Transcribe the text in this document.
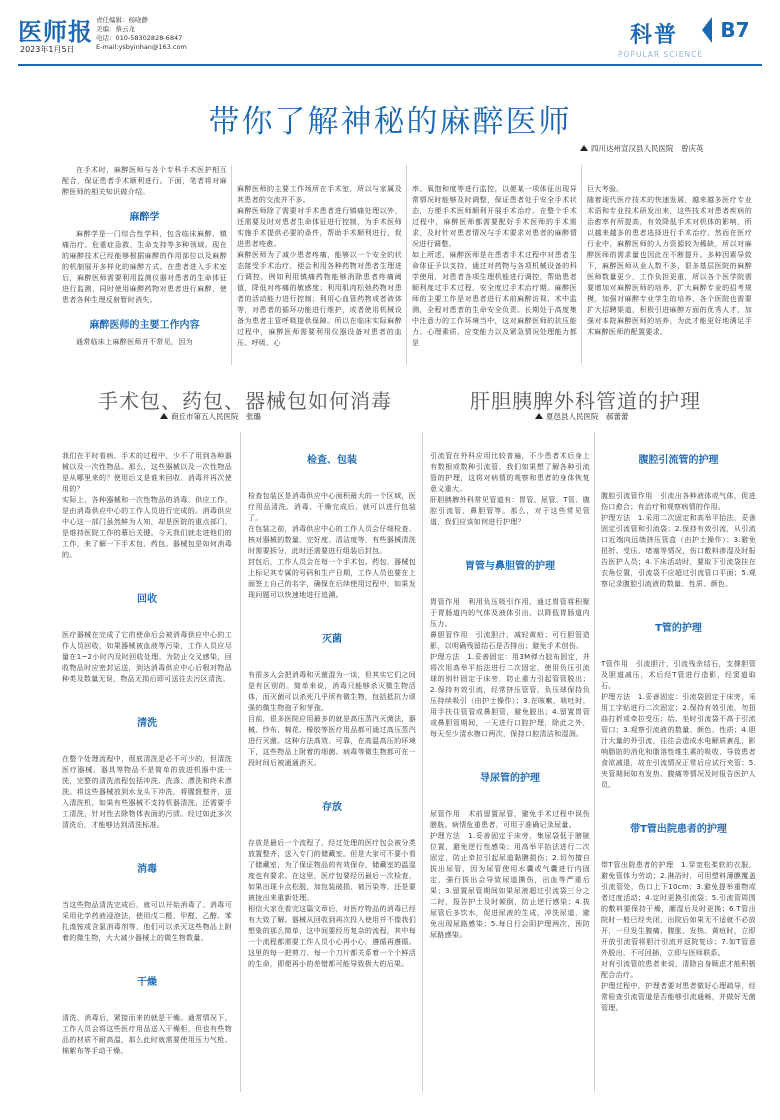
医师报
2023年1月5日
责任编辑：杨晓静
美编：蔡云龙
电话：010-58302828-6847
E-mail:ysbyinhan@163.com	科普
POPULAR SCIENCE
B7
带你了解神秘的麻醉医师
四川达州宣汉县人民医院　曾庆英

在手术时，麻醉医师与各个专科手术医护相互配合，保证患者手术顺利进行。下面，笔者将对麻醉医师的相关知识做介绍。

麻醉学

麻醉学是一门综合性学科，包含临床麻醉、镇痛治疗、危重症急救、生命支持等多种领域。现在的麻醉技术已经能够根据麻醉的作用部位以及麻醉的机制展开多样化的麻醉方式。在患者进入手术室后，麻醉医师需要利用监测仪器对患者的生命体征进行监测，同时使用麻醉药物对患者进行麻醉，使患者各种生理反射暂时消失。

麻醉医师的主要工作内容

通常临床上麻醉医师并不常见，因为

麻醉医师的主要工作场所在手术室，所以与家属及其患者的交流并不多。
麻醉医师除了需要对手术患者进行镇痛处理以外，还需要及时对患者生命体征进行控制，为手术医师实施手术提供必要的条件，帮助手术顺利进行，促进患者痊愈。
麻醉医师为了减少患者疼痛，能够以一个安全的状态接受手术治疗，便会利用各种药物对患者生理进行调控，例如利用镇痛药物能够消除患者疼痛阈值，降低对疼痛的敏感度；利用肌肉松弛药物对患者的活动能力进行控制；利用心血管药物或者液体等，对患者的循环功能进行维护，或者使用机械设备为患者主管呼吸提供保障。所以在临床实际麻醉过程中，麻醉医师需要利用仪器设备对患者的血压、呼吸、心

率、氧饱和度等进行监控，以便某一项体征出现异常情况时能够及时调整，保证患者处于安全手术状态，方便手术医师顺利开展手术治疗。在整个手术过程中，麻醉医师都需要配好手术医师的手术需求，及时针对患者情况与手术要求对患者的麻醉情况进行调整。
如上所述，麻醉医师是在患者手术过程中对患者生命体征予以支持，通过对药物与各项机械设备的科学使用，对患者各项生理机能进行调控，帮助患者顺利度过手术过程，安全度过手术治疗期。麻醉医师的主要工作是对患者进行术前麻醉访视、术中监测，全程对患者的生命安全负责。长期处于高度集中注意力的工作环境当中，这对麻醉医师的抗压能力、心理素质、应变能力以及紧急情况处理能力都是

巨大考验。
随着现代医疗技术的快速发展，越来越多医疗专业术语和专业技术研发出来，这些技术对患者疾病的治愈率有所提高，有效降低手术对机体的影响，所以越来越多的患者选择进行手术治疗。然而在医疗行业中，麻醉医师的人力资源较为稀缺，所以对麻醉医师的需求量也因此在不断提升。多种因素导致下，麻醉医师从业人数不多，很多基层医院的麻醉医师数量更少，工作负担更重，所以各个医学院需要增加对麻醉医师的培养，扩大麻醉专业的招考规模，加强对麻醉专业学生的培养，各个医院也需要扩大招聘渠道，积极引进麻醉方面的优秀人才，加强对本院麻醉医师的培养，为此才能更好地满足手术麻醉医师的配置要求。

手术包、药包、器械包如何消毒
商丘市第五人民医院　张璐

我们在平时看病、手术的过程中，少不了用到各种器械以及一次性物品。那么，这些器械以及一次性物品是从哪里来的？使用后又是谁来回收、消毒并再次使用的？
实际上，各种器械和一次性物品的消毒、供应工作，是由消毒供应中心的工作人员进行完成的。消毒供应中心这一部门虽然鲜为人知，却是医院的重点部门，是维持医院工作的幕后关键。今天我们就走进他们的工作，来了解一下手术包、药包、器械包是如何消毒的。

回收

医疗器械在完成了它的使命后会被消毒供应中心的工作人员回收，如果器械被血液等污染，工作人员应尽量在1~2小时内及时回收处理。为防止交叉感染，回收物品时应密封运送，到达消毒供应中心后根对物品种类及数量无误，物品无损后即可送往去污区清洗。

清洗

在整个处理流程中，彻底清洗是必不可少的，但清洗医疗器械、器具等物品不是简单的放进机器中洗一洗，完整的清洗流程包括冲洗、洗涤、漂洗和终末漂洗。将这些器械放到水龙头下冲洗，将腥鼓整齐，送入清洗机，如果有些器械不支持机器清洗，还需要手工清洗，针对性去除物体表面的污渍。经过如此多次清洗后，才能够达到清洗标准。

消毒

当这些物品清洗完成后，就可以开始消毒了。消毒可采用化学药液浸泡法，使用戊二醛、甲醛、乙醇、苯扎溴铵或含氯消毒剂等，他们可以杀灭这些物品上附着的微生物，大大减少器械上的微生物数量。

干燥

清洗、消毒后，紧接而来的就是干燥。通常情况下，工作人员会将这些医疗用品送入干燥柜，但也有些物品的材质不耐高温，那么此时就需要使用压力气枪、棉絮布等手动干燥。

检查、包装

检查包装区是消毒供应中心面积最大的一个区域，医疗用品清洗、消毒、干燥完成后，就可以进行包装了。
在包装之前，消毒供应中心的工作人员会仔细检查、核对器械的数量、完好度、清洁度等，有些器械清洗时需要拆分，此时还需要进行组装后封包。
封包后，工作人员会在每一个手术包、药包、器械包上标记其专属的号码和生产日期，工作人员也要在上面签上自己的名字，确保在后续使用过程中，如果发现问题可以快速地进行追溯。

灭菌

有很多人会把消毒和灭菌混为一谈，但其实它们之间是有区别的。简单来说，消毒只能够杀灭微生物活体，而灭菌可以杀死几乎所有微生物，包括抵抗力顽强的微生物孢子和芽孢。
目前，很多医院应用最多的就是高压蒸汽灭菌法，器械、纱布、棉花、橡胶等医疗用品都可通过高压蒸汽进行灭菌。这种方法高效、可靠，在高温高压的环境下，这些物品上附着的细菌、病毒等微生物都可在一段时间后被通通消灭。

存放

存放是最后一个流程了，经过处理的医疗包会被分类放置整齐，送入专门的储藏室。但是大家可不要小看了储藏室，为了保证物品的有效保存，储藏室的温湿度也有要求。在这里，医疗包要经历最后一次检查，如果出现卡点松脱、加包装破损、被污染等，还是要被拢出来重新处理。
相信大家在看完这篇文章后，对医疗物品的消毒已经有大致了解。器械从回收到再次投入使用并不像我们想象的那么简单，这中间要经历复杂的流程，其中每一个流程都需要工作人员小心再小心，遵循再遵循。
这里的每一把剪刀、每一个刀片都关系着一个个鲜活的生命，即便再小的差错都可能导致极大的后果。

肝胆胰脾外科管道的护理
夏邑县人民医院　郝蕾蕾

引流管在外科应用比较普遍，不少患者术后身上有数根或数种引流管，我们如果想了解各种引流管的护理，这将对病情的观察和患者的身体恢复意义重大。
肝胆胰脾外科常见管道有：胃管、尿管、T管、腹腔引流管、鼻胆管等。那么，对于这些常见管道，我们应该如何进行护理？

胃管与鼻胆管的护理

胃管作用　利用负压吸引作用，通过胃管将积聚于胃肠道内的气体及液体引出，以降低胃肠道内压力。
鼻胆管作用　引流胆汁，减轻黄疸；可行胆管造影，以明确残留结石是否排出；避免手术创伤。
护理方法　1.妥善固定：用3M弹力胶布固定，并将次用高举平抬法进行二次固定，使用负压引流球的别针固定于床旁，防止重力引起管管脱出；2.保持有效引流，经常挤压管管，负压球保持负压持续吸引（由护士操作）；3.在咳嗽、咳吐时，用手扶住管管或鼻胆管，避免脱出；4.留置胃管或鼻胆管期间，一天进行口腔护理，除此之外，每天至少清水擦口两次，保持口腔清洁和湿润。

导尿管的护理

尿管作用　术前留置尿管，避免手术过程中误伤膀胱。病情危重患者，可用于准确记录尿量。
护理方法　1.妥善固定于床旁，集尿袋低于膀胱位置，避免逆行性感染；用高举平抬法进行二次固定，防止牵拉引起尿道黏膜损伤；2.切勿擅自拔出尿管，因为尿管使用水囊或气囊进行内固定，强行拔出会导致尿道撕伤，出血等严重后果；3.留置尿管期间如果尿液超过引流袋三分之二时，报告护士及时倾倒，防止逆行感染；4.拔尿管后多饮水，促进尿液的生成，冲洗尿道，避免出现尿路感染；5.每日行会阴护理两次，预防尿路感染。

腹腔引流管的护理

腹腔引流管作用　引流出各种液体或气体，促进伤口愈合；有治疗和观察病情的作用。
护理方法　1.采用二次固定和高举平抬法，妥善固定引流管和引流袋；2.保持有效引流，从引流口近端向远端挤压管盒（由护士操作）；3.避免扭折、受压、堵塞等情况，伤口敷料渗湿及时报告医护人员；4.下床活动时，要取下引流袋挂在衣角位置，引流袋不应超过引流管口平面；5.观察记录腹腔引流液的数量、性质、颜色。

T管的护理

T管作用　引流胆汁，引流残余结石，支撑胆管及胆道减压，术后经T管进行造影，经窦道取石。
护理方法　1.妥善固定：引流袋固定于床旁，采用工字贴进行二次固定；2.保持有效引流，勿扭曲打折或牵拉受压；给、坐时引流袋不高于引流管口；3.观察引流液的数量、颜色、性质；4.胆汁大量的外引流，往往会造成水电解质紊乱，影响脂肪的消化和脂溶性维生素的吸收，导致患者食欲减退，故在引流情况正常后应试行夹管；5.夹管期间如有发热、腹痛等情况及时报告医护人员。

带T管出院患者的护理

带T管出院患者的护理　1.穿宽松柔软的衣服，避免管体力劳动；2.淋浴时，可用塑料薄膜覆盖引流管处，伤口上下10cm；3.避免提举重物或者过度活动；4.定时更换引流袋；5.引流管周围的敷料要保持干燥，潮湿后及时更换；6.T管出院时一般已经夹闭，出院后如果无不适就不必放开，一旦发生腹痛、腹胀、发热、黄疸时，立即开放引流管将胆汁引流并返院复诊；7.如T管意外脱出，不可回插，立即与医师联系。
对有引流管的患者来说，清除自身顾虑才能积极配合治疗。
护理过程中，护理者要对患者做好心理疏导，经常检查引流管道是否能够引流通畅，并做好无菌管理。
